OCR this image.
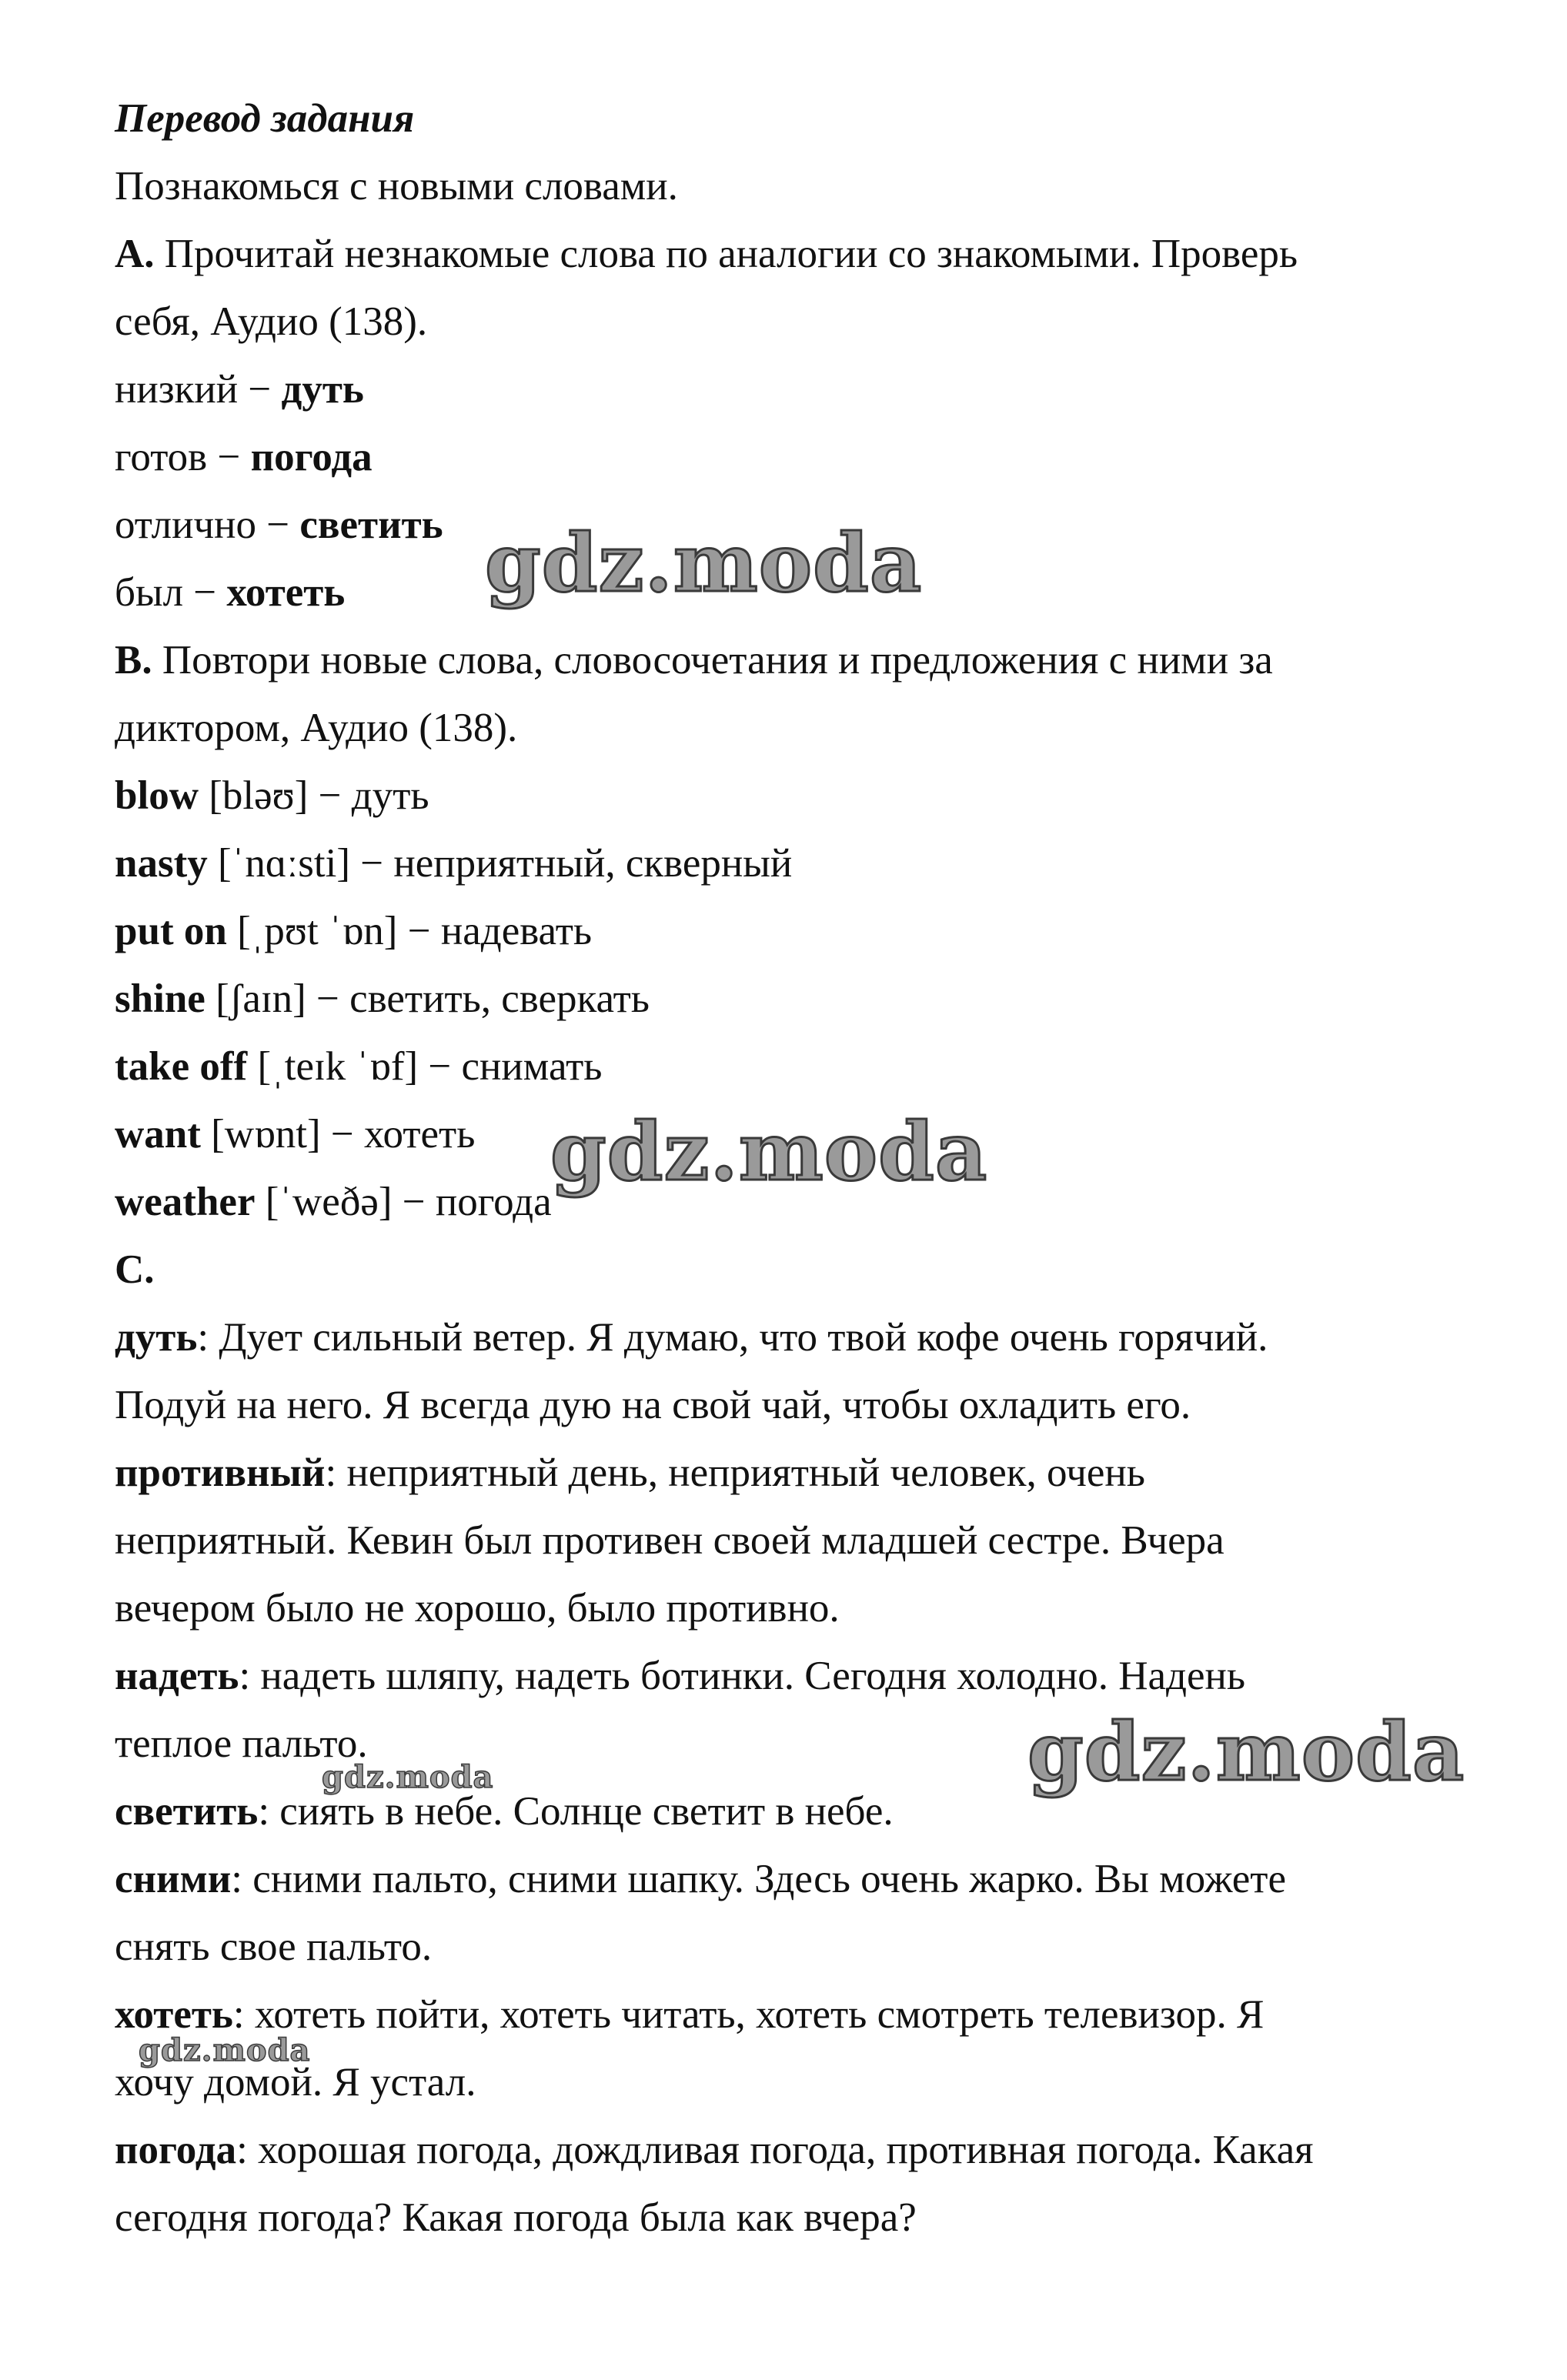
Перевод задания
Познакомься с новыми словами.
А. Прочитай незнакомые слова по аналогии со знакомыми. Проверь
себя, Аудио (138).
низкий − дуть
готов − погода
отлично − светить
был − хотеть
В. Повтори новые слова, словосочетания и предложения с ними за
диктором, Аудио (138).
blow [bləʊ] − дуть
nasty [ˈnɑːsti] − неприятный, скверный
put on [ˌpʊt ˈɒn] − надевать
shine [ʃaɪn] − светить, сверкать
take off [ˌteɪk ˈɒf] − снимать
want [wɒnt] − хотеть
weather [ˈweðə] − погода
С.
дуть: Дует сильный ветер. Я думаю, что твой кофе очень горячий.
Подуй на него. Я всегда дую на свой чай, чтобы охладить его.
противный: неприятный день, неприятный человек, очень
неприятный. Кевин был противен своей младшей сестре. Вчера
вечером было не хорошо, было противно.
надеть: надеть шляпу, надеть ботинки. Сегодня холодно. Надень
теплое пальто.
светить: сиять в небе. Солнце светит в небе.
сними: сними пальто, сними шапку. Здесь очень жарко. Вы можете
снять свое пальто.
хотеть: хотеть пойти, хотеть читать, хотеть смотреть телевизор. Я
хочу домой. Я устал.
погода: хорошая погода, дождливая погода, противная погода. Какая
сегодня погода? Какая погода была как вчера?
gdz.moda
gdz.moda
gdz.moda
gdz.moda
gdz.moda
